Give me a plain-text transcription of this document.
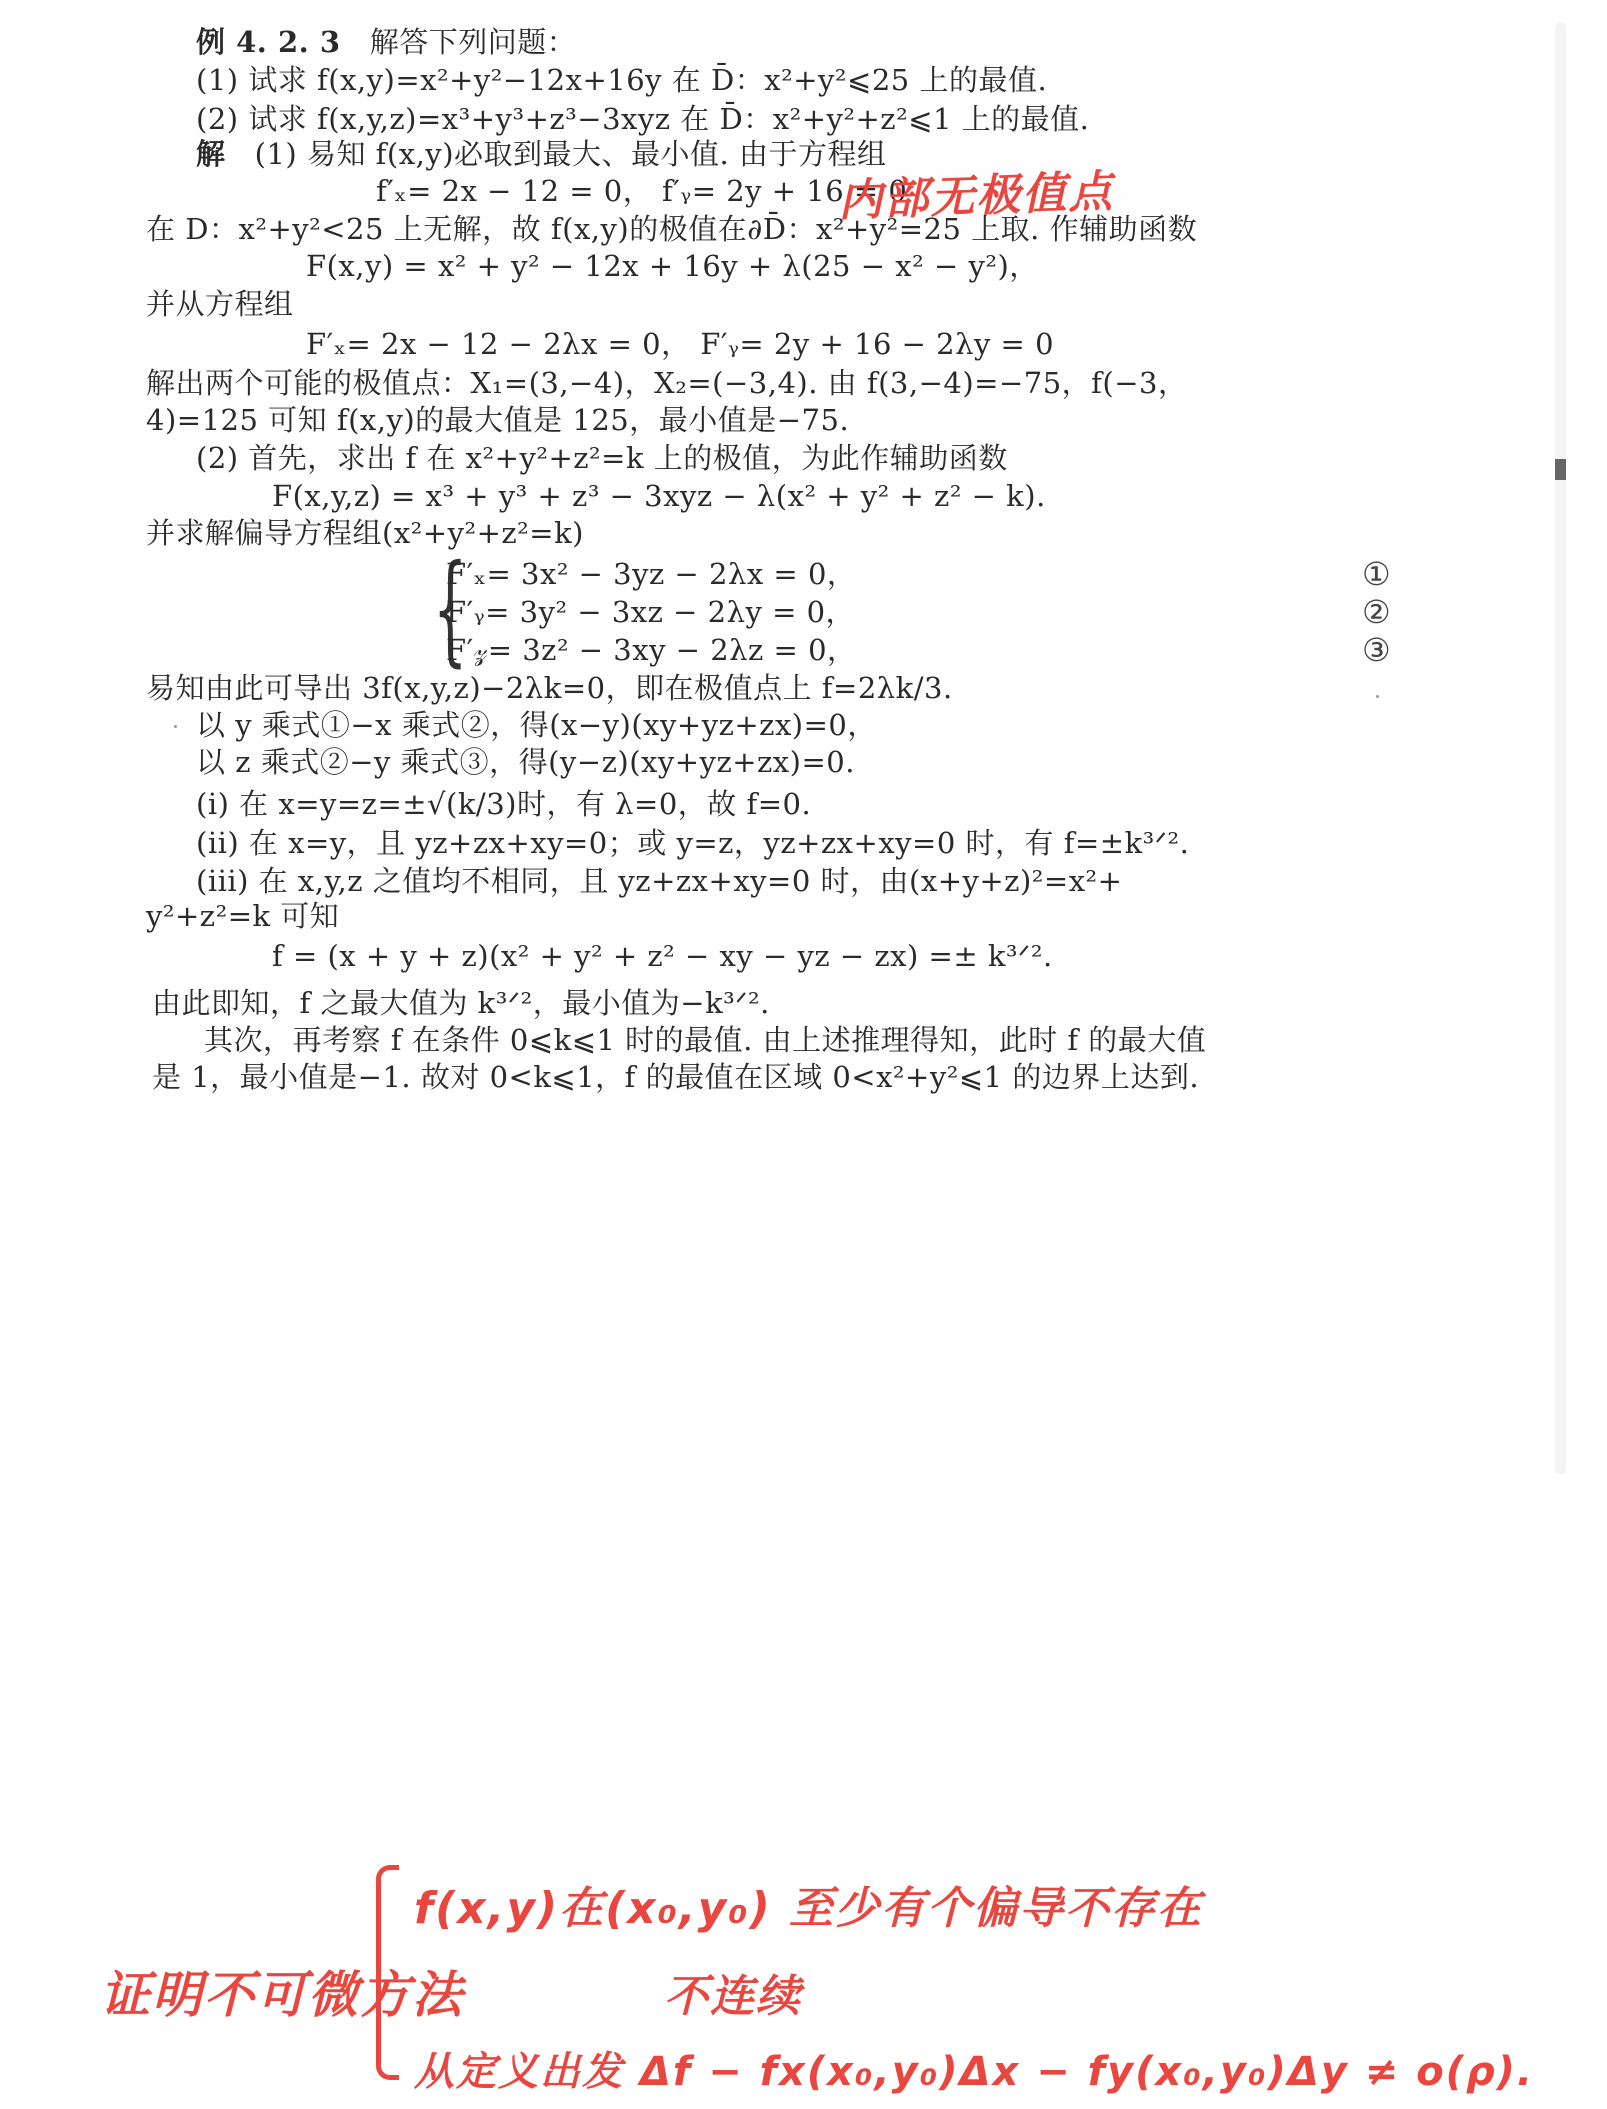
例 4. 2. 3 解答下列问题：
(1) 试求 f(x,y)=x²+y²−12x+16y 在 D̄：x²+y²⩽25 上的最值.
(2) 试求 f(x,y,z)=x³+y³+z³−3xyz 在 D̄：x²+y²+z²⩽1 上的最值.
解 (1) 易知 f(x,y)必取到最大、最小值. 由于方程组
f′ₓ= 2x − 12 = 0， f′ᵧ= 2y + 16 = 0
在 D：x²+y²<25 上无解，故 f(x,y)的极值在∂D̄：x²+y²=25 上取. 作辅助函数
F(x,y) = x² + y² − 12x + 16y + λ(25 − x² − y²)，
并从方程组
F′ₓ= 2x − 12 − 2λx = 0， F′ᵧ= 2y + 16 − 2λy = 0
解出两个可能的极值点：X₁=(3,−4)，X₂=(−3,4). 由 f(3,−4)=−75，f(−3，
4)=125 可知 f(x,y)的最大值是 125，最小值是−75.
(2) 首先，求出 f 在 x²+y²+z²=k 上的极值，为此作辅助函数
F(x,y,z) = x³ + y³ + z³ − 3xyz − λ(x² + y² + z² − k).
并求解偏导方程组(x²+y²+z²=k)
{
F′ₓ= 3x² − 3yz − 2λx = 0，
F′ᵧ= 3y² − 3xz − 2λy = 0，
F′𝓏= 3z² − 3xy − 2λz = 0，
①
②
③
易知由此可导出 3f(x,y,z)−2λk=0，即在极值点上 f=2λk/3.
以 y 乘式①−x 乘式②，得(x−y)(xy+yz+zx)=0，
以 z 乘式②−y 乘式③，得(y−z)(xy+yz+zx)=0.
(i) 在 x=y=z=±√(k/3)时，有 λ=0，故 f=0.
(ii) 在 x=y，且 yz+zx+xy=0；或 y=z，yz+zx+xy=0 时，有 f=±k³ᐟ².
(iii) 在 x,y,z 之值均不相同，且 yz+zx+xy=0 时，由(x+y+z)²=x²+
y²+z²=k 可知
f = (x + y + z)(x² + y² + z² − xy − yz − zx) =± k³ᐟ².
由此即知，f 之最大值为 k³ᐟ²，最小值为−k³ᐟ².
其次，再考察 f 在条件 0⩽k⩽1 时的最值. 由上述推理得知，此时 f 的最大值
是 1，最小值是−1. 故对 0<k⩽1，f 的最值在区域 0<x²+y²⩽1 的边界上达到.
内部无极值点
证明不可微方法
f(x,y)在(x₀,y₀) 至少有个偏导不存在
不连续
从定义出发 Δf − fx(x₀,y₀)Δx − fy(x₀,y₀)Δy ≠ o(ρ).
